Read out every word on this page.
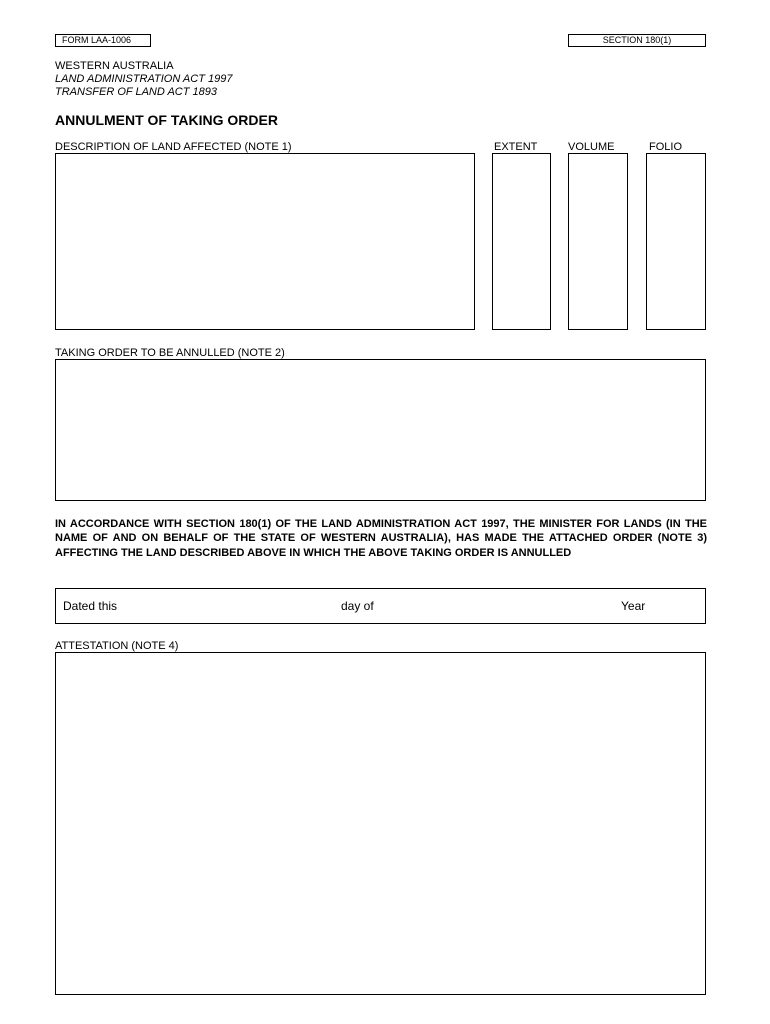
FORM LAA-1006	SECTION 180(1)
WESTERN AUSTRALIA
LAND ADMINISTRATION ACT 1997
TRANSFER OF LAND ACT 1893
ANNULMENT OF TAKING ORDER
DESCRIPTION OF LAND AFFECTED (NOTE 1)	EXTENT	VOLUME	FOLIO
TAKING ORDER TO BE ANNULLED (NOTE 2)
IN ACCORDANCE WITH SECTION 180(1) OF THE LAND ADMINISTRATION ACT 1997, THE MINISTER FOR LANDS (IN THE NAME OF AND ON BEHALF OF THE STATE OF WESTERN AUSTRALIA), HAS MADE THE ATTACHED ORDER (NOTE 3) AFFECTING THE LAND DESCRIBED ABOVE IN WHICH THE ABOVE TAKING ORDER IS ANNULLED
Dated this	day of	Year
ATTESTATION (NOTE 4)
